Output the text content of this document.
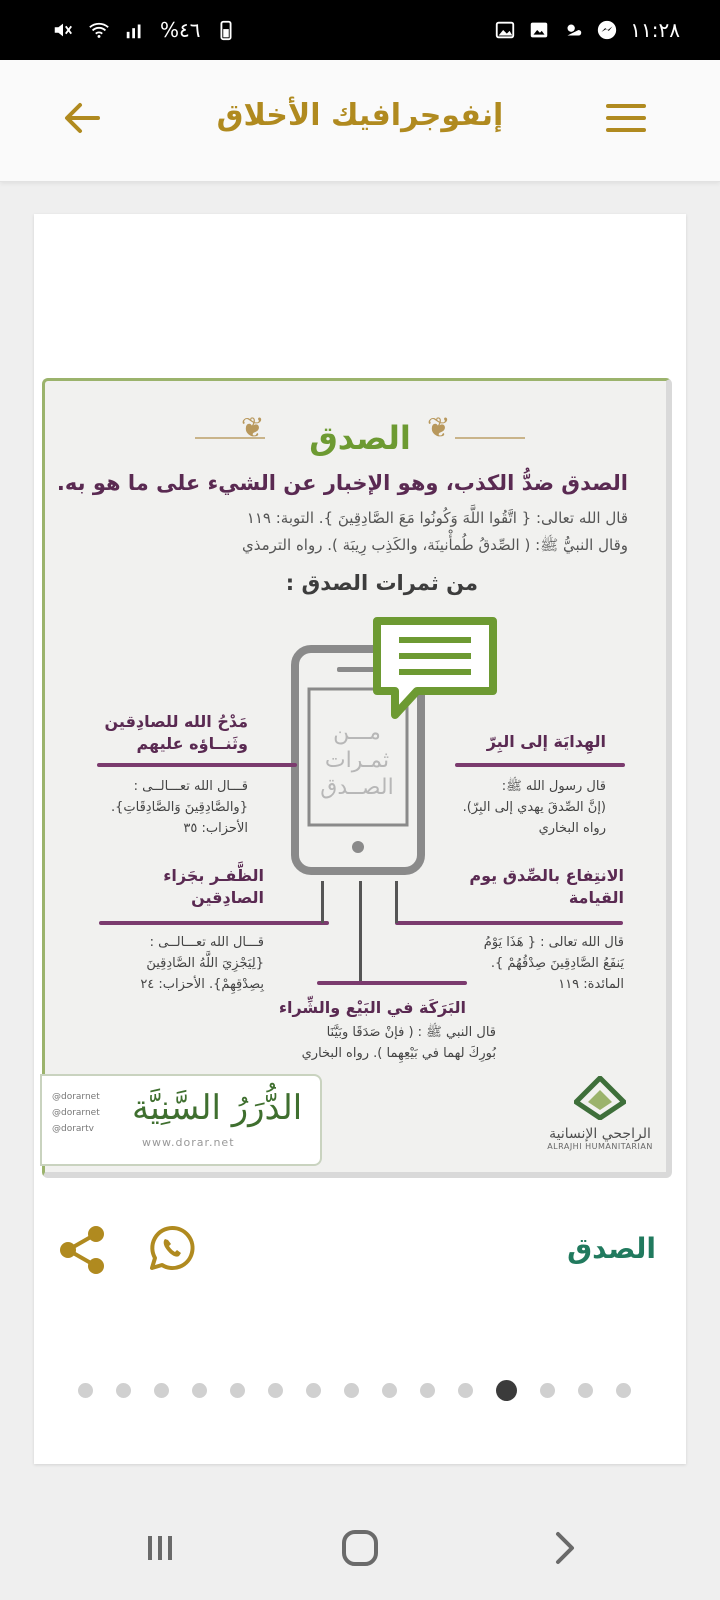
%٤٦	١١:٢٨
إنفوجرافيك الأخلاق
❦	❦
الصدق
الصدق ضدُّ الكذب، وهو الإخبار عن الشيء على ما هو به.
قال الله تعالى: { اتَّقُوا اللَّهَ وَكُونُوا مَعَ الصَّادِقِينَ }. التوبة: ١١٩
وقال النبيُّ ﷺ: ( الصِّدقُ طُمأْنينَة، والكَذِب رِيبَة ). رواه الترمذي
من ثمرات الصدق :
مـــن
ثمـرات
الصــدق
مَدْحُ الله للصادِقين وثَنــاؤه عليهم
قـــال الله تعـــالــى :
{والصَّادِقِينَ وَالصَّادِقَاتِ}.
الأحزاب: ٣٥
الهِدايَة إلى البِرّ
قال رسول الله ﷺ:
(إنَّ الصِّدقَ يهدي إلى البِرّ).
رواه البخاري
الظَّفـر بجَزاء الصادِقين
قـــال الله تعـــالــى :
{لِيَجْزِيَ اللَّهُ الصَّادِقِينَ
بِصِدْقِهِمْ}. الأحزاب: ٢٤
الانتِفاع بالصِّدق يوم القيامة
قال الله تعالى : { هَذَا يَوْمُ
يَنفَعُ الصَّادِقِينَ صِدْقُهُمْ }.
المائدة: ١١٩
البَرَكَة في البَيْع والشِّراء
قال النبي ﷺ : ( فإنْ صَدَقَا وبَيَّنَا
بُورِكَ لهما في بَيْعِهِما ). رواه البخاري
الدُّرَرُ السَّنِيَّة
www.dorar.net
@dorarnet
@dorarnet
@dorartv	الراجحي الإنسانية
ALRAJHI HUMANITARIAN
الصدق
